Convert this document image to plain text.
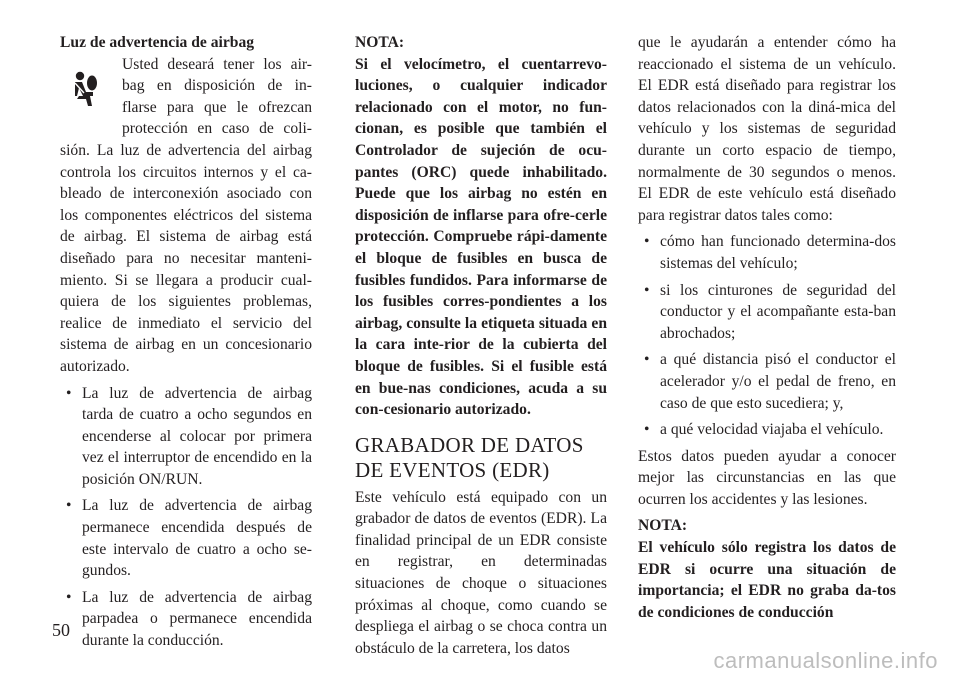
Luz de advertencia de airbag

Usted deseará tener los air-bag en disposición de in-flarse para que le ofrezcan protección en caso de coli-sión. La luz de advertencia del airbag controla los circuitos internos y el ca-bleado de interconexión asociado con los componentes eléctricos del sistema de airbag. El sistema de airbag está diseñado para no necesitar manteni-miento. Si se llegara a producir cual-quiera de los siguientes problemas, realice de inmediato el servicio del sistema de airbag en un concesionario autorizado.

• La luz de advertencia de airbag tarda de cuatro a ocho segundos en encenderse al colocar por primera vez el interruptor de encendido en la posición ON/RUN.
• La luz de advertencia de airbag permanece encendida después de este intervalo de cuatro a ocho se-gundos.
• La luz de advertencia de airbag parpadea o permanece encendida durante la conducción.

NOTA:

Si el velocímetro, el cuentarrevo-luciones, o cualquier indicador relacionado con el motor, no fun-cionan, es posible que también el Controlador de sujeción de ocu-pantes (ORC) quede inhabilitado. Puede que los airbag no estén en disposición de inflarse para ofre-cerle protección. Compruebe rápi-damente el bloque de fusibles en busca de fusibles fundidos. Para informarse de los fusibles corres-pondientes a los airbag, consulte la etiqueta situada en la cara inte-rior de la cubierta del bloque de fusibles. Si el fusible está en bue-nas condiciones, acuda a su con-cesionario autorizado.

GRABADOR DE DATOS DE EVENTOS (EDR)

Este vehículo está equipado con un grabador de datos de eventos (EDR). La finalidad principal de un EDR consiste en registrar, en determinadas situaciones de choque o situaciones próximas al choque, como cuando se despliega el airbag o se choca contra un obstáculo de la carretera, los datos

que le ayudarán a entender cómo ha reaccionado el sistema de un vehículo. El EDR está diseñado para registrar los datos relacionados con la diná-mica del vehículo y los sistemas de seguridad durante un corto espacio de tiempo, normalmente de 30 segundos o menos. El EDR de este vehículo está diseñado para registrar datos tales como:

• cómo han funcionado determina-dos sistemas del vehículo;
• si los cinturones de seguridad del conductor y el acompañante esta-ban abrochados;
• a qué distancia pisó el conductor el acelerador y/o el pedal de freno, en caso de que esto sucediera; y,
• a qué velocidad viajaba el vehículo.

Estos datos pueden ayudar a conocer mejor las circunstancias en las que ocurren los accidentes y las lesiones.

NOTA:

El vehículo sólo registra los datos de EDR si ocurre una situación de importancia; el EDR no graba da-tos de condiciones de conducción

50
carmanualsonline.info
